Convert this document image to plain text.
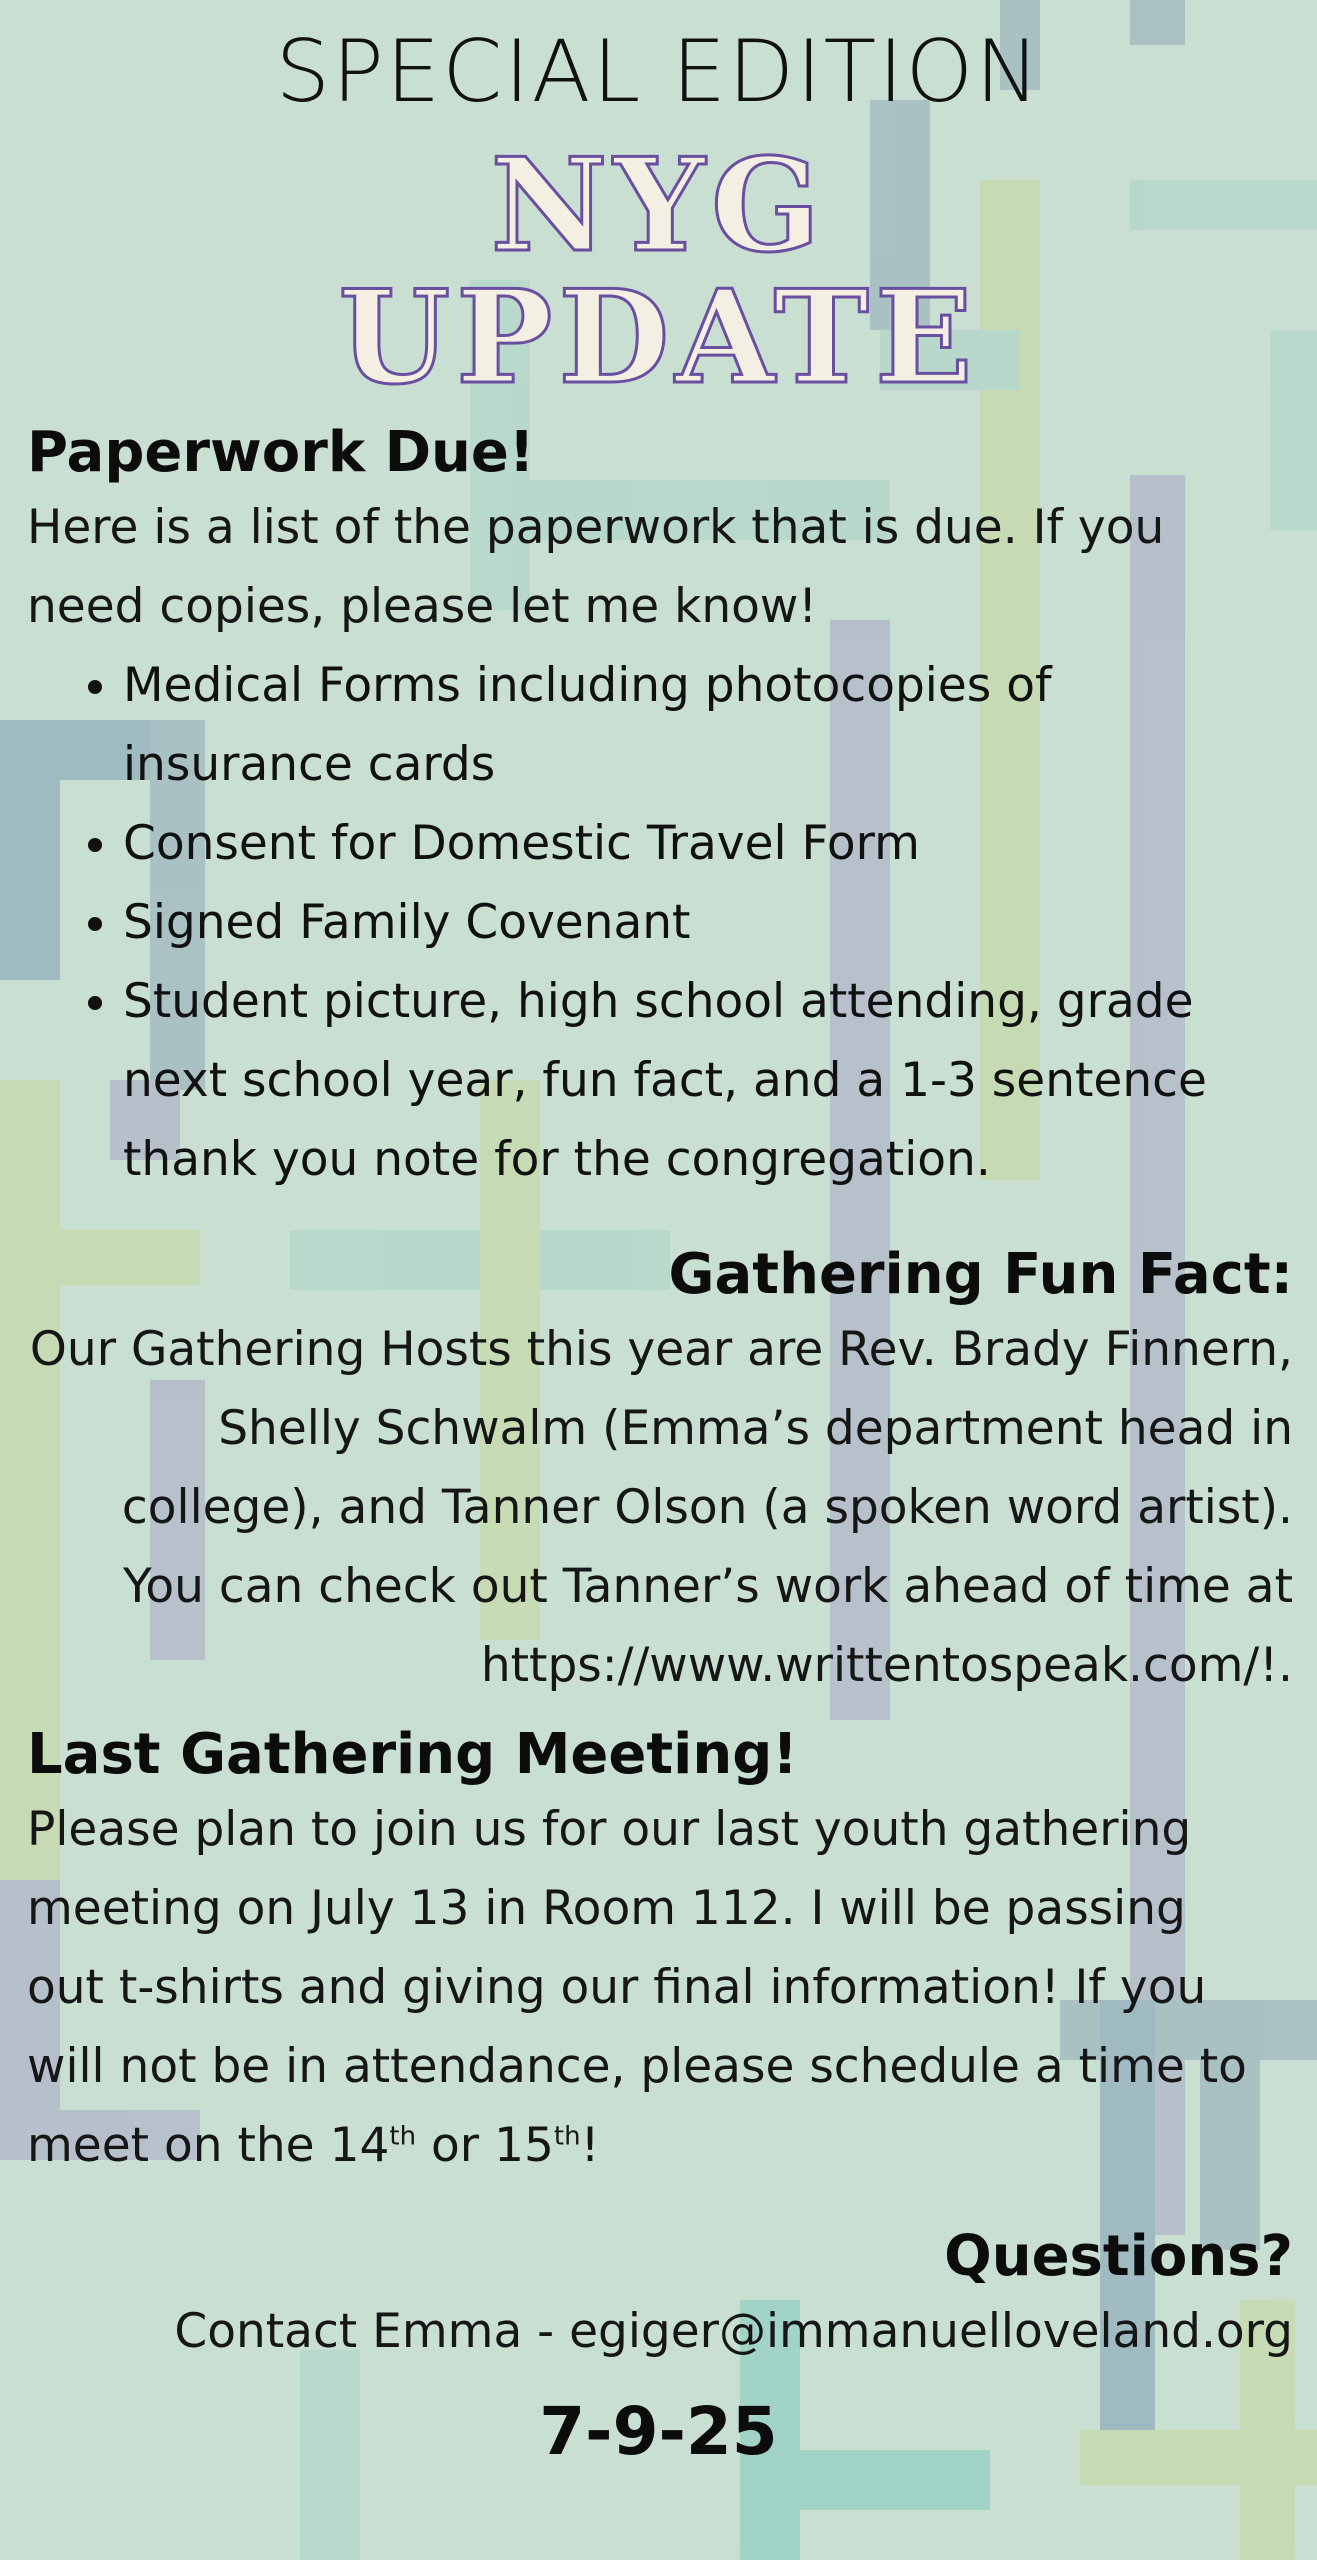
SPECIAL EDITION
NYG
UPDATE
Paperwork Due!
Here is a list of the paperwork that is due. If you need copies, please let me know!
• Medical Forms including photocopies of insurance cards
• Consent for Domestic Travel Form
• Signed Family Covenant
• Student picture, high school attending, grade next school year, fun fact, and a 1-3 sentence thank you note for the congregation.
Gathering Fun Fact:
Our Gathering Hosts this year are Rev. Brady Finnern, Shelly Schwalm (Emma’s department head in college), and Tanner Olson (a spoken word artist). You can check out Tanner’s work ahead of time at https://www.writtentospeak.com/!.
Last Gathering Meeting!
Please plan to join us for our last youth gathering meeting on July 13 in Room 112. I will be passing out t-shirts and giving our final information! If you will not be in attendance, please schedule a time to meet on the 14th or 15th!
Questions?
Contact Emma - egiger@immanuelloveland.org
7-9-25
